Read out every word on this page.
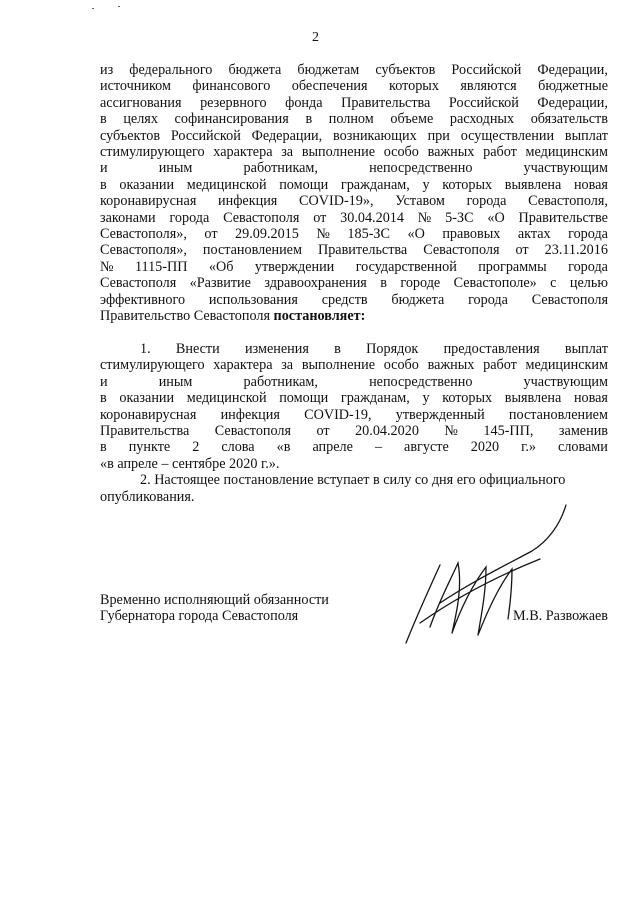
2
из федерального бюджета бюджетам субъектов Российской Федерации,
источником финансового обеспечения которых являются бюджетные
ассигнования резервного фонда Правительства Российской Федерации,
в целях софинансирования в полном объеме расходных обязательств
субъектов Российской Федерации, возникающих при осуществлении выплат
стимулирующего характера за выполнение особо важных работ медицинским
и	иным	работникам,	непосредственно	участвующим
в оказании медицинской помощи гражданам, у которых выявлена новая
коронавирусная инфекция COVID-19», Уставом города Севастополя,
законами города Севастополя от 30.04.2014 № 5-ЗС «О Правительстве
Севастополя», от 29.09.2015 № 185-ЗС «О правовых актах города
Севастополя», постановлением Правительства Севастополя от 23.11.2016
№ 1115-ПП «Об утверждении государственной программы города
Севастополя «Развитие здравоохранения в городе Севастополе» с целью
эффективного использования средств бюджета города Севастополя
Правительство Севастополя постановляет:
1. Внести изменения в Порядок предоставления выплат
стимулирующего характера за выполнение особо важных работ медицинским
и	иным	работникам,	непосредственно	участвующим
в оказании медицинской помощи гражданам, у которых выявлена новая
коронавирусная инфекция COVID-19, утвержденный постановлением
Правительства Севастополя от 20.04.2020 № 145-ПП, заменив
в пункте 2 слова «в апреле – августе 2020 г.» словами
«в апреле – сентябре 2020 г.».
2. Настоящее постановление вступает в силу со дня его официального
опубликования.
Временно исполняющий обязанности
Губернатора города Севастополя	М.В. Развожаев
